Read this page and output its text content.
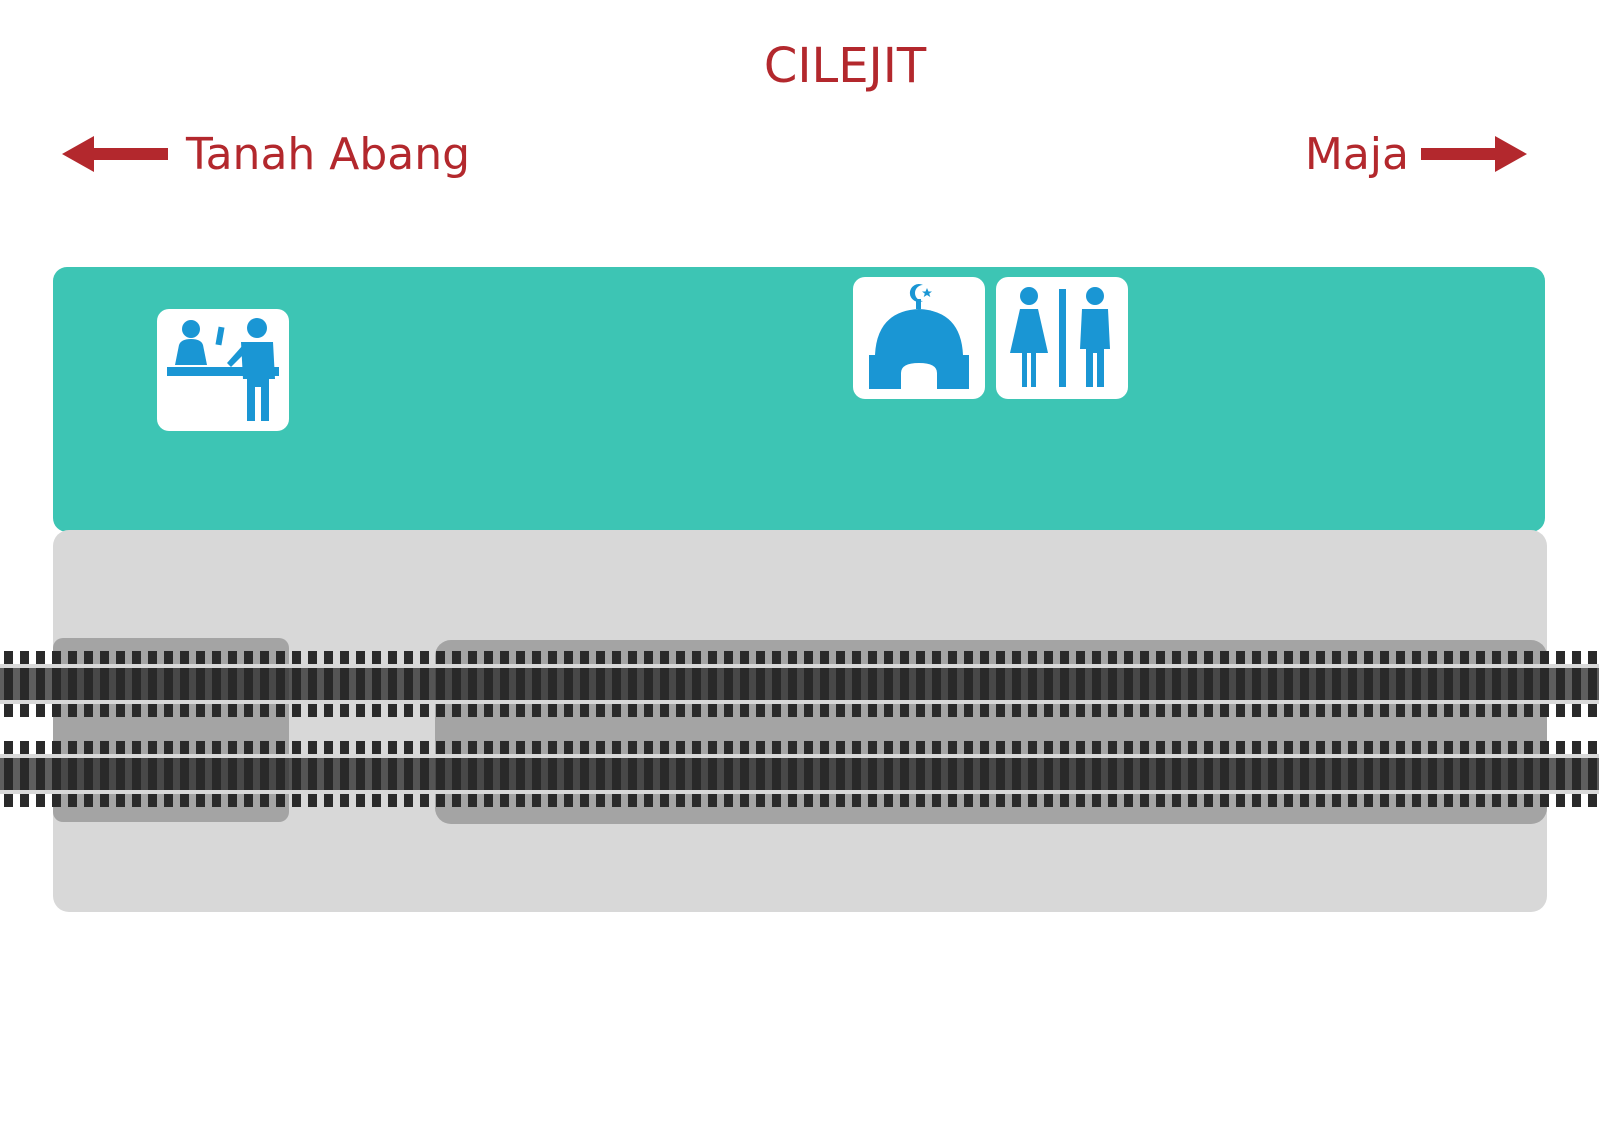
CILEJIT
Tanah Abang	Maja
